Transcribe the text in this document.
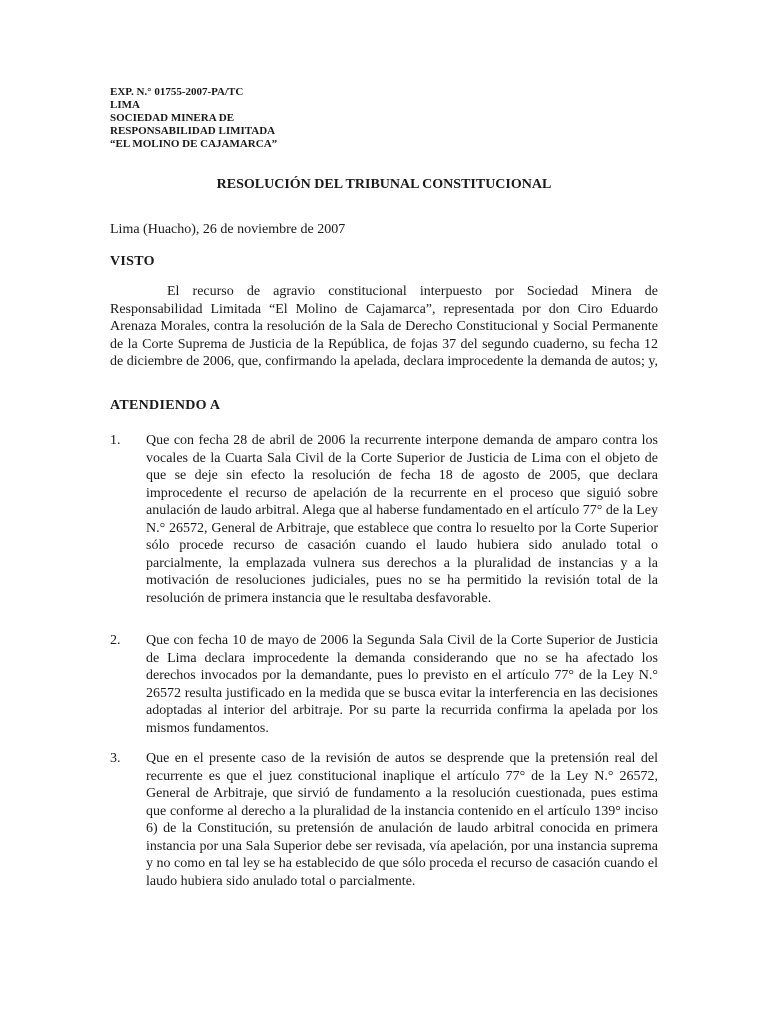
EXP. N.° 01755-2007-PA/TC
LIMA
SOCIEDAD MINERA DE
RESPONSABILIDAD LIMITADA
“EL MOLINO DE CAJAMARCA”
RESOLUCIÓN DEL TRIBUNAL CONSTITUCIONAL
Lima (Huacho), 26 de noviembre de 2007
VISTO

El recurso de agravio constitucional interpuesto por Sociedad Minera de Responsabilidad Limitada “El Molino de Cajamarca”, representada por don Ciro Eduardo Arenaza Morales, contra la resolución de la Sala de Derecho Constitucional y Social Permanente de la Corte Suprema de Justicia de la República, de fojas 37 del segundo cuaderno, su fecha 12 de diciembre de 2006, que, confirmando la apelada, declara improcedente la demanda de autos; y,

ATENDIENDO A
1. Que con fecha 28 de abril de 2006 la recurrente interpone demanda de amparo contra los vocales de la Cuarta Sala Civil de la Corte Superior de Justicia de Lima con el objeto de que se deje sin efecto la resolución de fecha 18 de agosto de 2005, que declara improcedente el recurso de apelación de la recurrente en el proceso que siguió sobre anulación de laudo arbitral. Alega que al haberse fundamentado en el artículo 77° de la Ley N.° 26572, General de Arbitraje, que establece que contra lo resuelto por la Corte Superior sólo procede recurso de casación cuando el laudo hubiera sido anulado total o parcialmente, la emplazada vulnera sus derechos a la pluralidad de instancias y a la motivación de resoluciones judiciales, pues no se ha permitido la revisión total de la resolución de primera instancia que le resultaba desfavorable.

2. Que con fecha 10 de mayo de 2006 la Segunda Sala Civil de la Corte Superior de Justicia de Lima declara improcedente la demanda considerando que no se ha afectado los derechos invocados por la demandante, pues lo previsto en el artículo 77° de la Ley N.° 26572 resulta justificado en la medida que se busca evitar la interferencia en las decisiones adoptadas al interior del arbitraje. Por su parte la recurrida confirma la apelada por los mismos fundamentos.

3. Que en el presente caso de la revisión de autos se desprende que la pretensión real del recurrente es que el juez constitucional inaplique el artículo 77° de la Ley N.° 26572, General de Arbitraje, que sirvió de fundamento a la resolución cuestionada, pues estima que conforme al derecho a la pluralidad de la instancia contenido en el artículo 139° inciso 6) de la Constitución, su pretensión de anulación de laudo arbitral conocida en primera instancia por una Sala Superior debe ser revisada, vía apelación, por una instancia suprema y no como en tal ley se ha establecido de que sólo proceda el recurso de casación cuando el laudo hubiera sido anulado total o parcialmente.
